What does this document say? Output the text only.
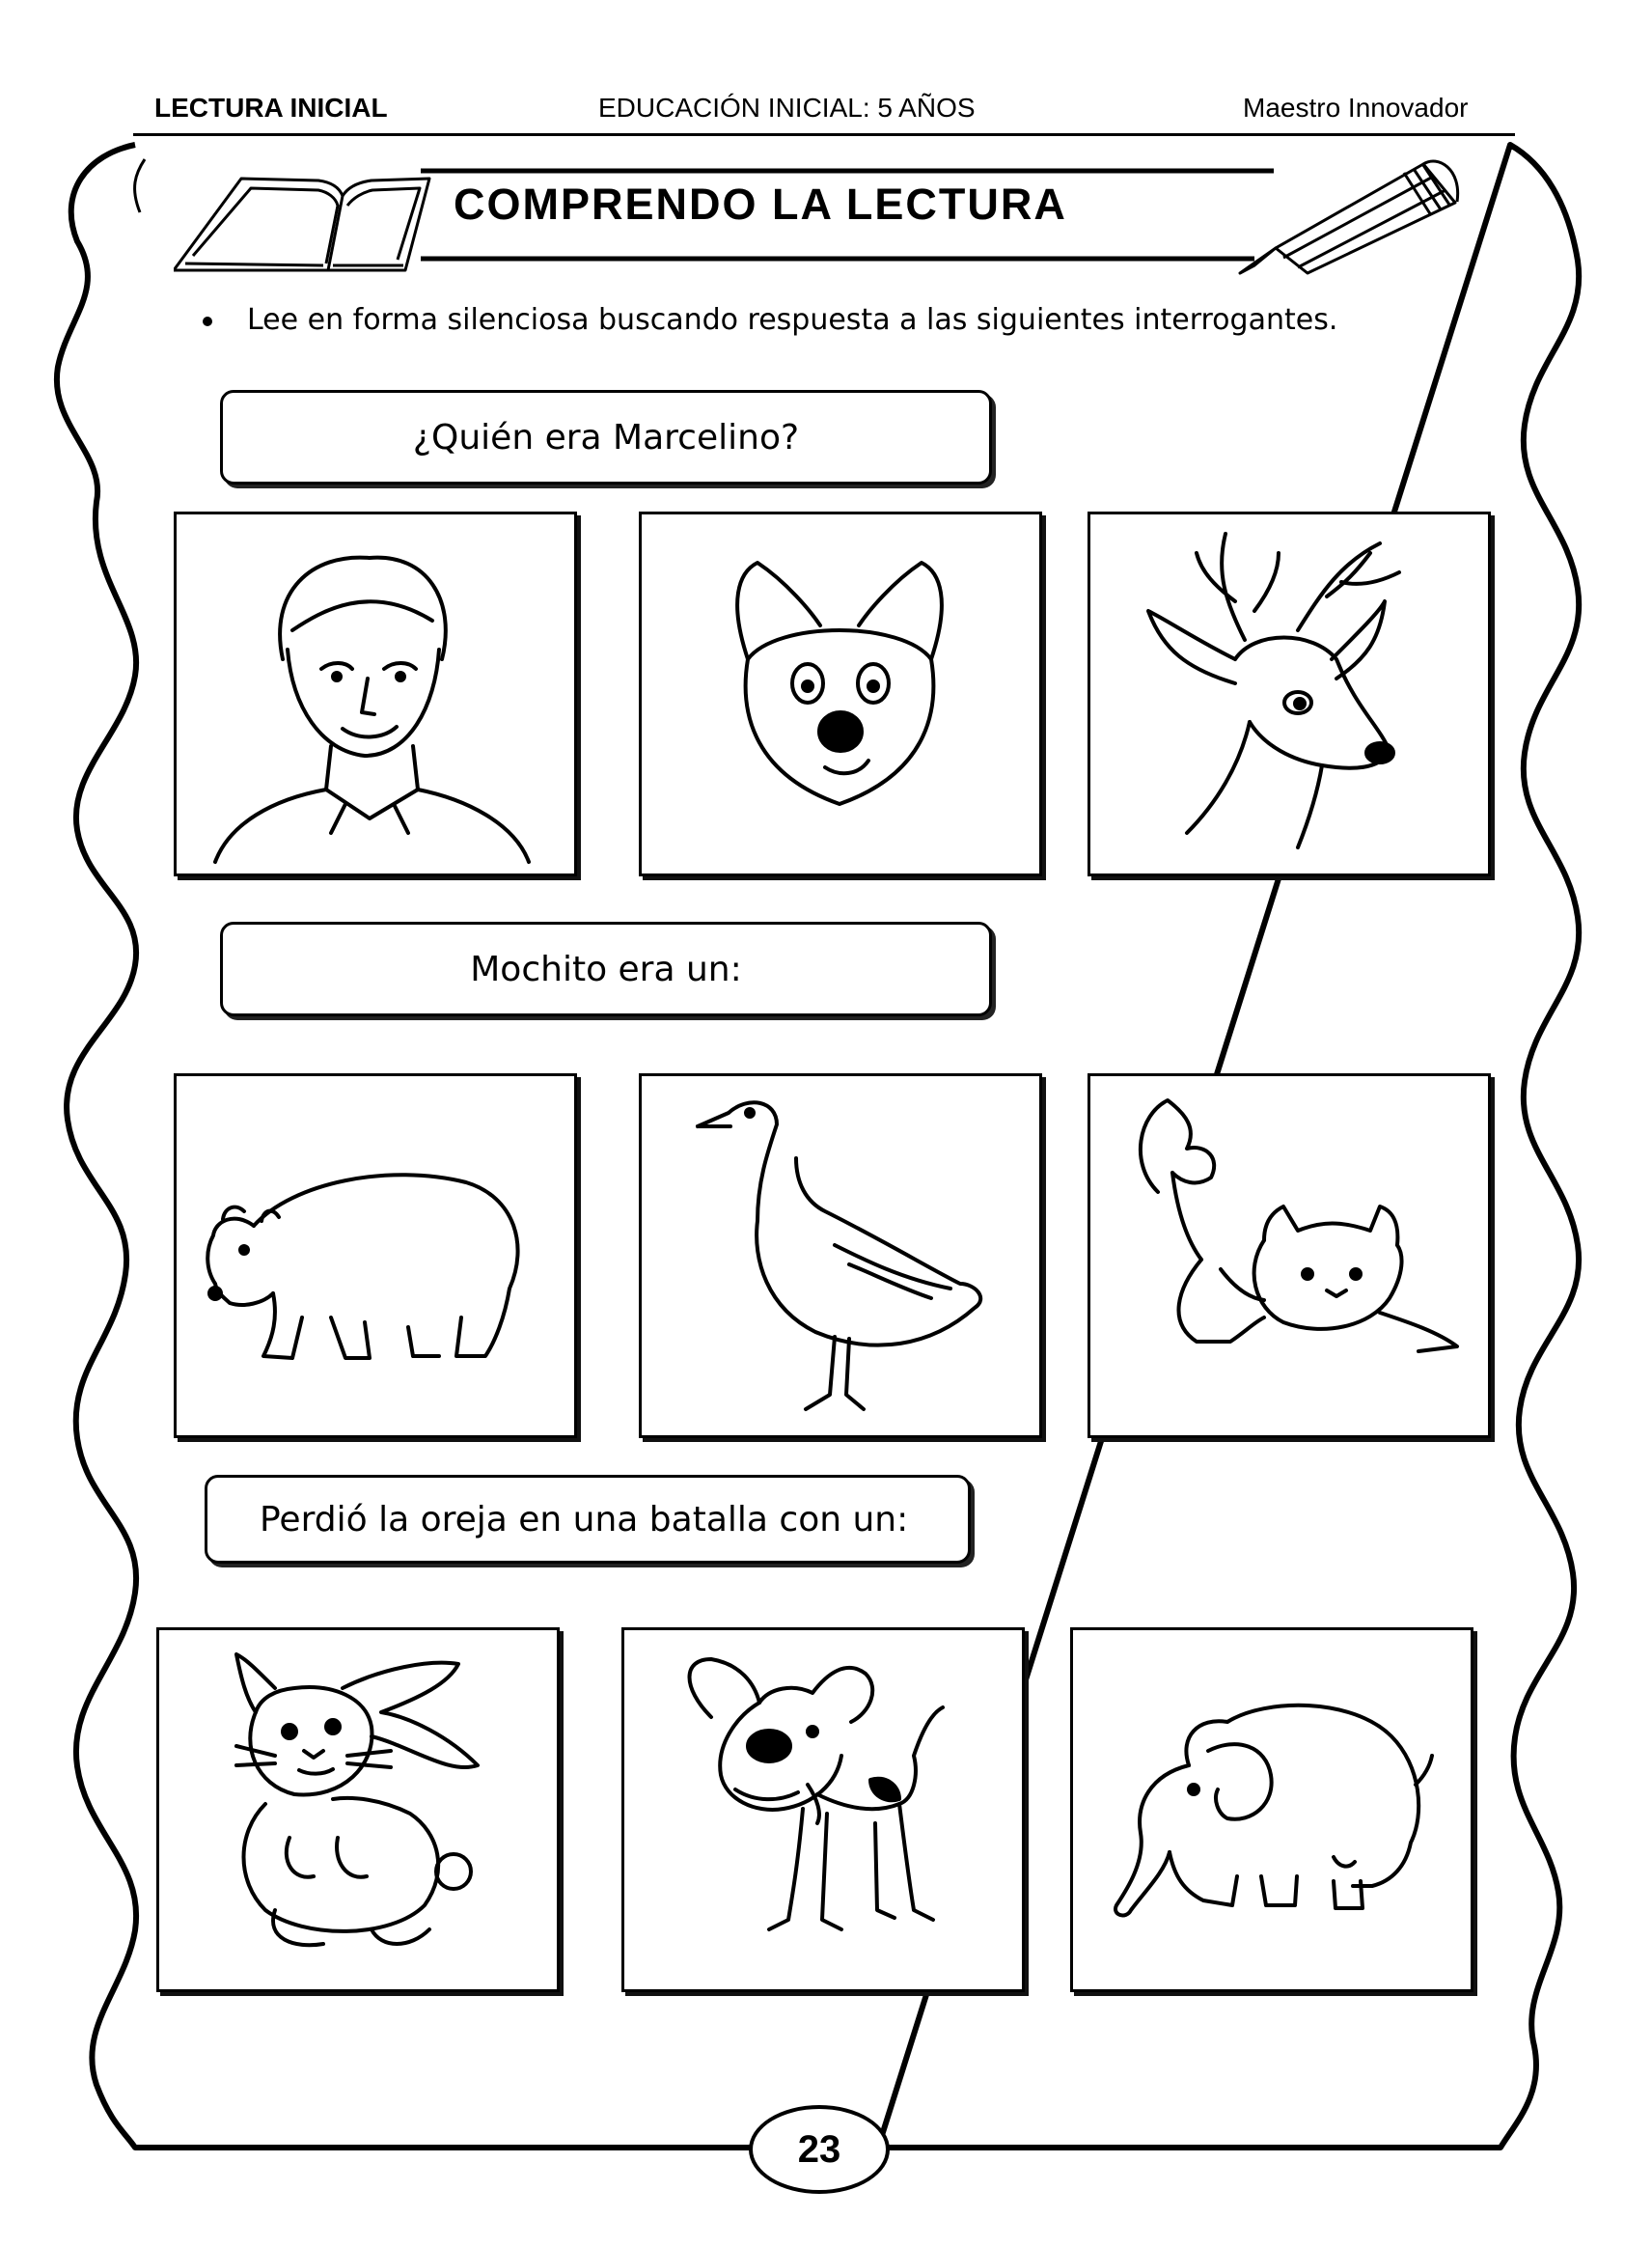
LECTURA INICIAL	EDUCACIÓN INICIAL: 5 AÑOS	Maestro Innovador
COMPRENDO LA LECTURA
Lee en forma silenciosa buscando respuesta a las siguientes interrogantes.
¿Quién era Marcelino?
Mochito era un:
Perdió la oreja en una batalla con un:
23
